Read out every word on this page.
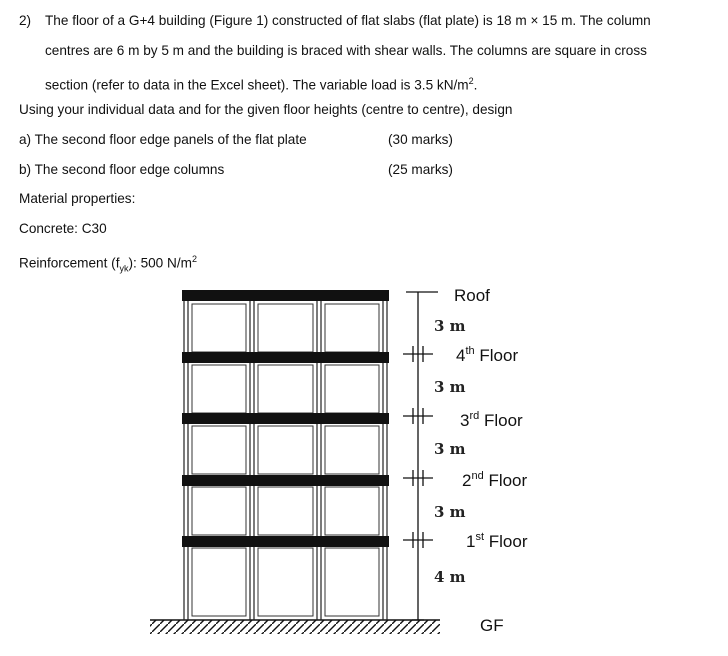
2) The floor of a G+4 building (Figure 1) constructed of flat slabs (flat plate) is 18 m × 15 m. The column
centres are 6 m by 5 m and the building is braced with shear walls. The columns are square in cross
section (refer to data in the Excel sheet). The variable load is 3.5 $kN/m^2$.
Using your individual data and for the given floor heights (centre to centre), design
a) The second floor edge panels of the flat plate	(30 marks)
b) The second floor edge columns	(25 marks)
Material properties:
Concrete: C30
Reinforcement $(f_{yk})$: 500 $N/m^2$
3 m
3 m
3 m
3 m
4 m
Roof
4th Floor
3rd Floor
2nd Floor
1st Floor
GF
